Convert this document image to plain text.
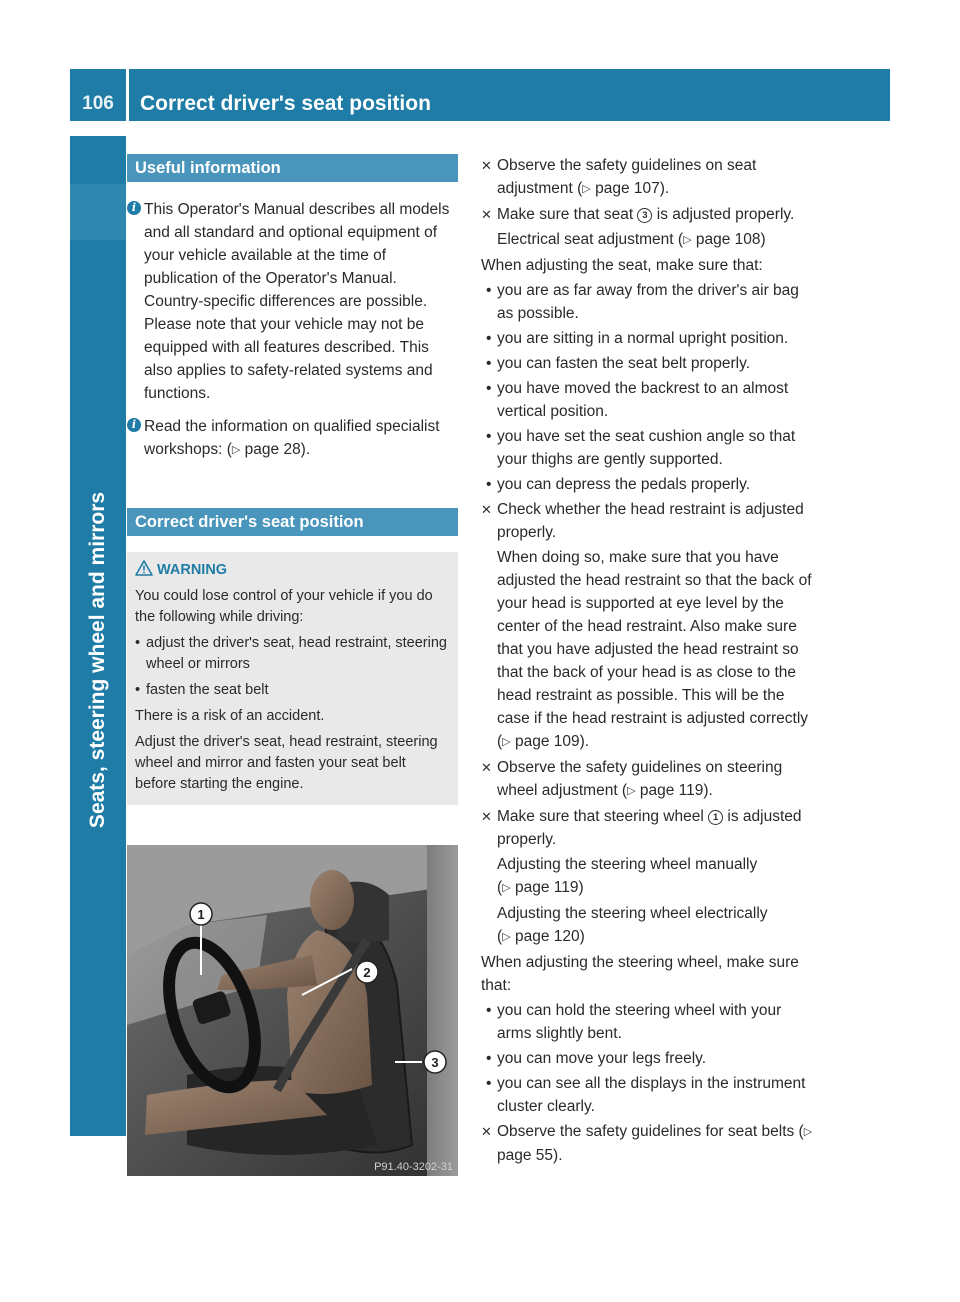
106	Correct driver's seat position
Seats, steering wheel and mirrors
Useful information
i This Operator's Manual describes all models and all standard and optional equipment of your vehicle available at the time of publication of the Operator's Manual. Country-specific differences are possible. Please note that your vehicle may not be equipped with all features described. This also applies to safety-related systems and functions.
i Read the information on qualified specialist workshops: (▷ page 28).
Correct driver's seat position
WARNING

You could lose control of your vehicle if you do the following while driving:

• adjust the driver's seat, head restraint, steering wheel or mirrors
• fasten the seat belt

There is a risk of an accident.

Adjust the driver's seat, head restraint, steering wheel and mirror and fasten your seat belt before starting the engine.

1
2
3
P91.40-3202-31
✕ Observe the safety guidelines on seat adjustment (▷ page 107).

✕ Make sure that seat 3 is adjusted properly.

Electrical seat adjustment (▷ page 108)

When adjusting the seat, make sure that:

• you are as far away from the driver's air bag as possible.
• you are sitting in a normal upright position.
• you can fasten the seat belt properly.
• you have moved the backrest to an almost vertical position.
• you have set the seat cushion angle so that your thighs are gently supported.
• you can depress the pedals properly.
✕ Check whether the head restraint is adjusted properly.

When doing so, make sure that you have adjusted the head restraint so that the back of your head is supported at eye level by the center of the head restraint. Also make sure that you have adjusted the head restraint so that the back of your head is as close to the head restraint as possible. This will be the case if the head restraint is adjusted correctly (▷ page 109).

✕ Observe the safety guidelines on steering wheel adjustment (▷ page 119).

✕ Make sure that steering wheel 1 is adjusted properly.

Adjusting the steering wheel manually
(▷ page 119)

Adjusting the steering wheel electrically
(▷ page 120)

When adjusting the steering wheel, make sure that:

• you can hold the steering wheel with your arms slightly bent.
• you can move your legs freely.
• you can see all the displays in the instrument cluster clearly.
✕ Observe the safety guidelines for seat belts (▷ page 55).
